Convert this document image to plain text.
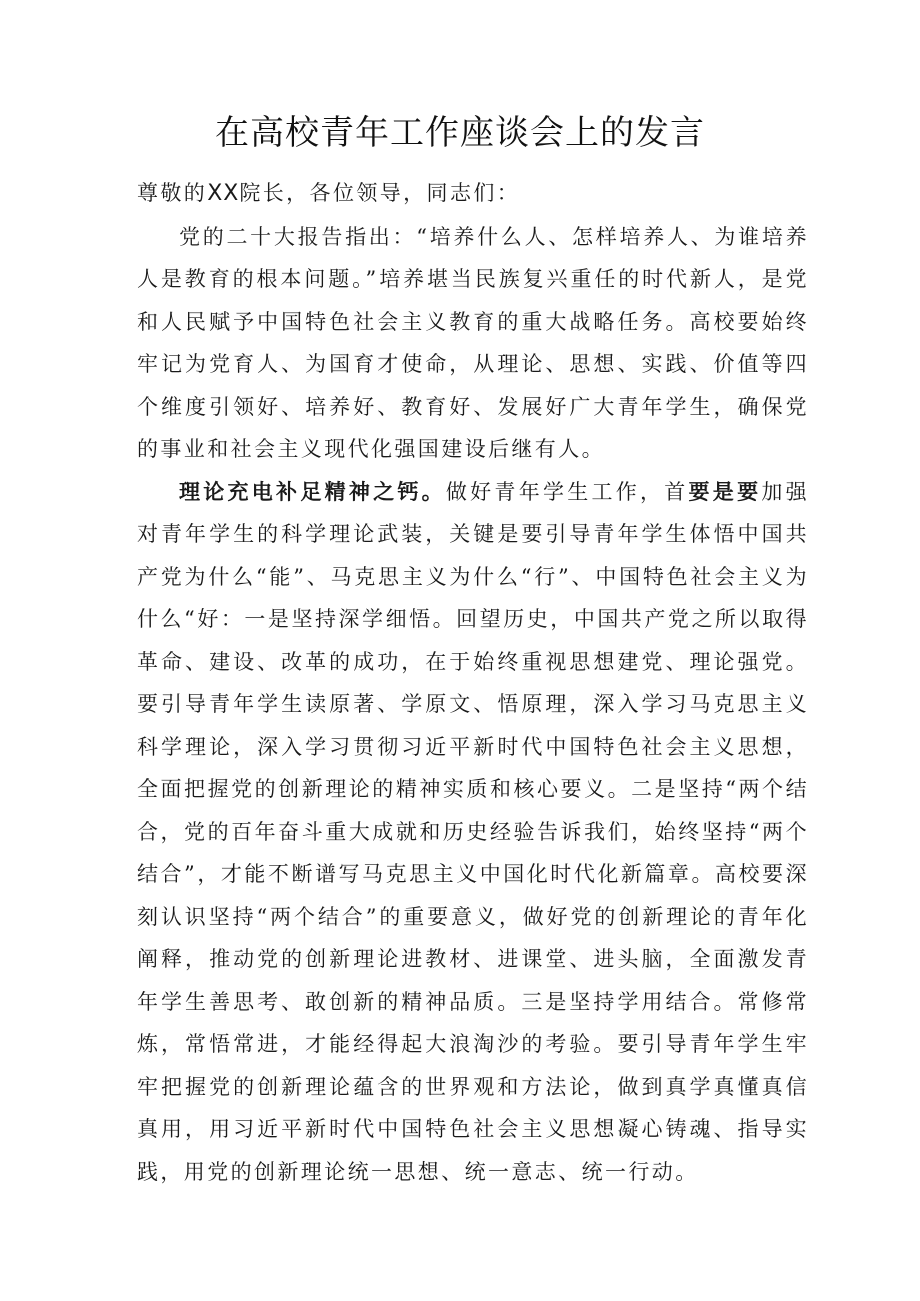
在高校青年工作座谈会上的发言

尊敬的XX院长，各位领导，同志们：

党的二十大报告指出：“培养什么人、怎样培养人、为谁培养人是教育的根本问题。”培养堪当民族复兴重任的时代新人，是党和人民赋予中国特色社会主义教育的重大战略任务。高校要始终牢记为党育人、为国育才使命，从理论、思想、实践、价值等四个维度引领好、培养好、教育好、发展好广大青年学生，确保党的事业和社会主义现代化强国建设后继有人。

理论充电补足精神之钙。做好青年学生工作，首要是要加强对青年学生的科学理论武装，关键是要引导青年学生体悟中国共产党为什么“能”、马克思主义为什么“行”、中国特色社会主义为什么“好：一是坚持深学细悟。回望历史，中国共产党之所以取得革命、建设、改革的成功，在于始终重视思想建党、理论强党。要引导青年学生读原著、学原文、悟原理，深入学习马克思主义科学理论，深入学习贯彻习近平新时代中国特色社会主义思想，全面把握党的创新理论的精神实质和核心要义。二是坚持“两个结合，党的百年奋斗重大成就和历史经验告诉我们，始终坚持“两个结合”，才能不断谱写马克思主义中国化时代化新篇章。高校要深刻认识坚持“两个结合”的重要意义，做好党的创新理论的青年化阐释，推动党的创新理论进教材、进课堂、进头脑，全面激发青年学生善思考、敢创新的精神品质。三是坚持学用结合。常修常炼，常悟常进，才能经得起大浪淘沙的考验。要引导青年学生牢牢把握党的创新理论蕴含的世界观和方法论，做到真学真懂真信真用，用习近平新时代中国特色社会主义思想凝心铸魂、指导实践，用党的创新理论统一思想、统一意志、统一行动。
